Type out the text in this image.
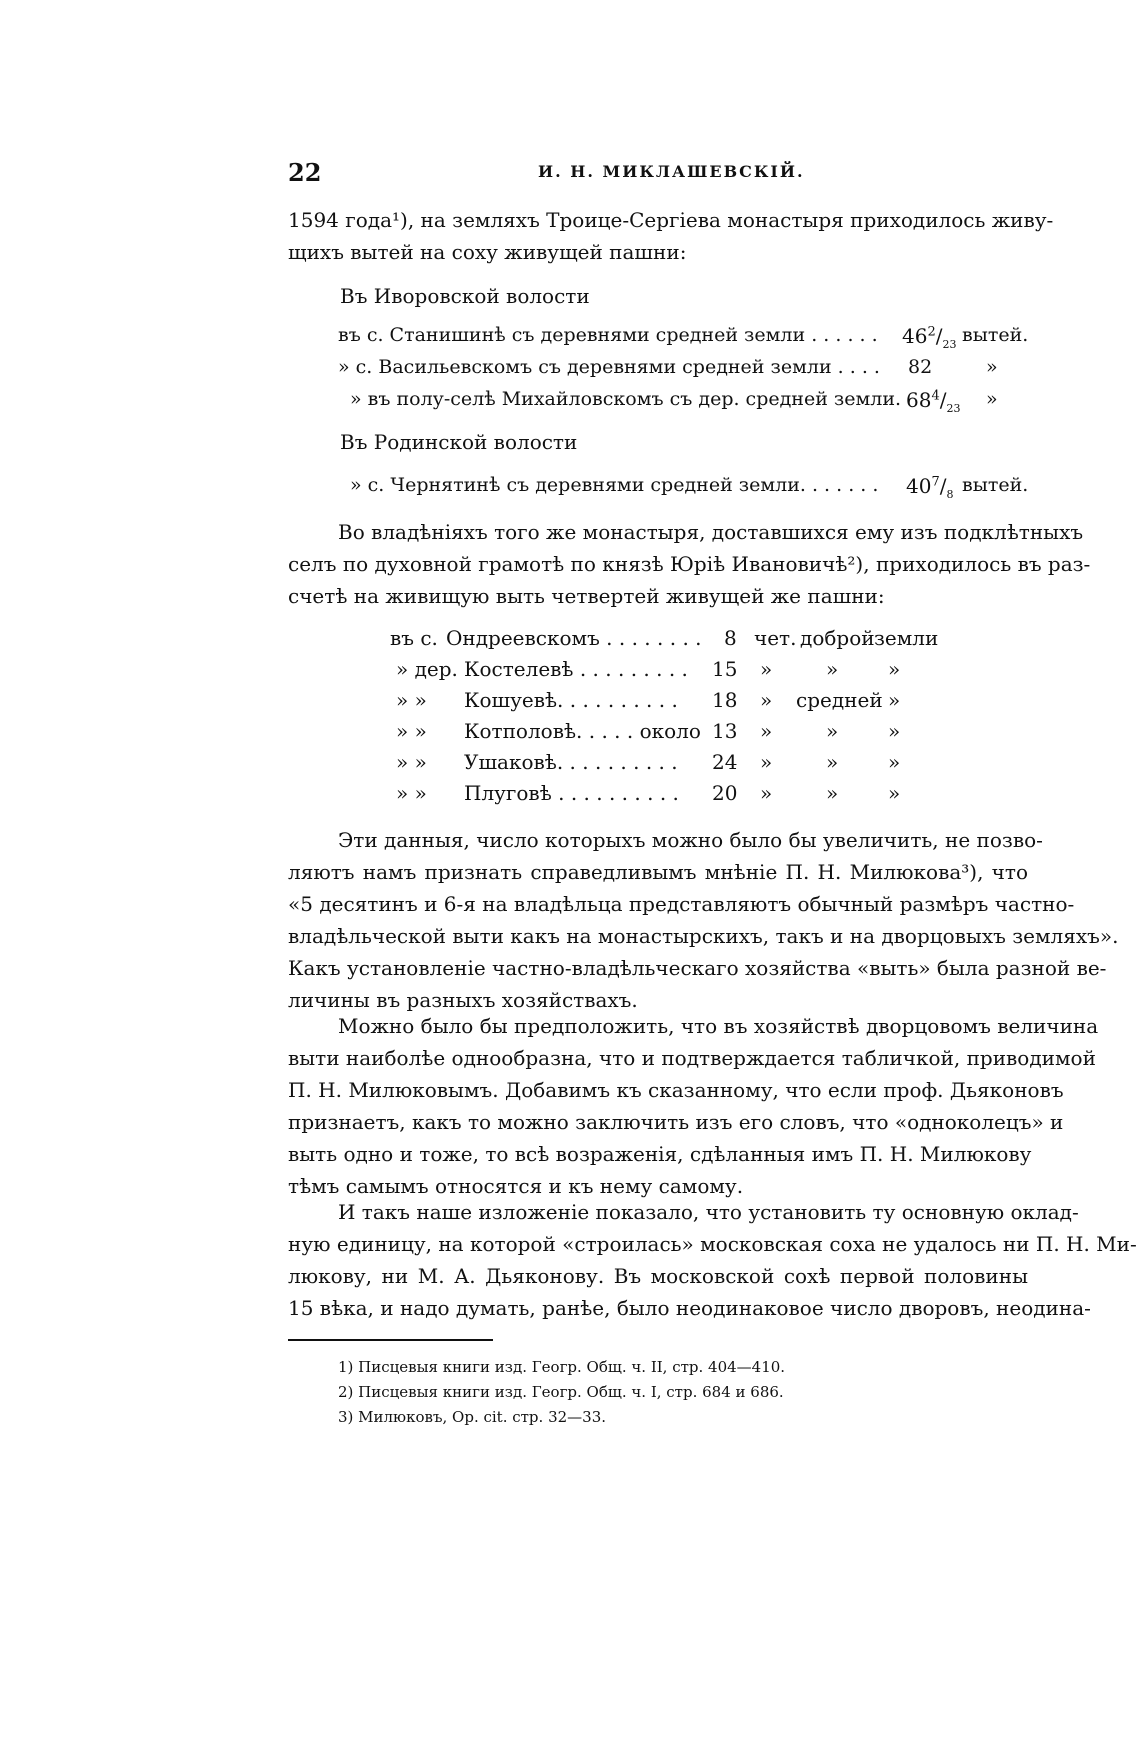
22	И. Н. МИКЛАШЕВСКІЙ.
1594 года¹), на земляхъ Троице-Сергіева монастыря приходилось живу-
щихъ вытей на соху живущей пашни:
Въ Иворовской волости
въ с. Станишинѣ съ деревнями средней земли . . . . . . $46^2/_{23}$ вытей.
» с. Васильевскомъ съ деревнями средней земли . . . . 82	»
» въ полу-селѣ Михайловскомъ съ дер. средней земли. $68^4/_{23}$ »
Въ Родинской волости
» с. Чернятинѣ съ деревнями средней земли. . . . . . . $40^7/_8$ вытей.
Во владѣніяхъ того же монастыря, доставшихся ему изъ подклѣтныхъ
селъ по духовной грамотѣ по князѣ Юріѣ Ивановичѣ²), приходилось въ раз-
счетѣ на живищую выть четвертей живущей же пашни:
въ с. Ондреевскомъ . . . . . . . . 8 чет. доброй земли
» дер. Костелевѣ . . . . . . . . . 15 »	» »
» » Кошуевѣ. . . . . . . . . . 18 » средней »
» » Котполовѣ. . . . . около 13 »	» »
» » Ушаковѣ. . . . . . . . . . 24 »	» »
» » Плуговѣ . . . . . . . . . . 20 »	» »
Эти данныя, число которыхъ можно было бы увеличить, не позво-
ляютъ намъ признать справедливымъ мнѣніе П. Н. Милюкова³), что
«5 десятинъ и 6-я на владѣльца представляютъ обычный размѣръ частно-
владѣльческой выти какъ на монастырскихъ, такъ и на дворцовыхъ земляхъ».
Какъ установленіе частно-владѣльческаго хозяйства «выть» была разной ве-
личины въ разныхъ хозяйствахъ.
Можно было бы предположить, что въ хозяйствѣ дворцовомъ величина
выти наиболѣе однообразна, что и подтверждается табличкой, приводимой
П. Н. Милюковымъ. Добавимъ къ сказанному, что если проф. Дьяконовъ
признаетъ, какъ то можно заключить изъ его словъ, что «одноколецъ» и
выть одно и тоже, то всѣ возраженія, сдѣланныя имъ П. Н. Милюкову
тѣмъ самымъ относятся и къ нему самому.
И такъ наше изложеніе показало, что установить ту основную оклад-
ную единицу, на которой «строилась» московская соха не удалось ни П. Н. Ми-
люкову, ни М. А. Дьяконову. Въ московской сохѣ первой половины
15 вѣка, и надо думать, ранѣе, было неодинаковое число дворовъ, неодина-
1) Писцевыя книги изд. Геогр. Общ. ч. II, стр. 404—410.
2) Писцевыя книги изд. Геогр. Общ. ч. I, стр. 684 и 686.
3) Милюковъ, Op. cit. стр. 32—33.
